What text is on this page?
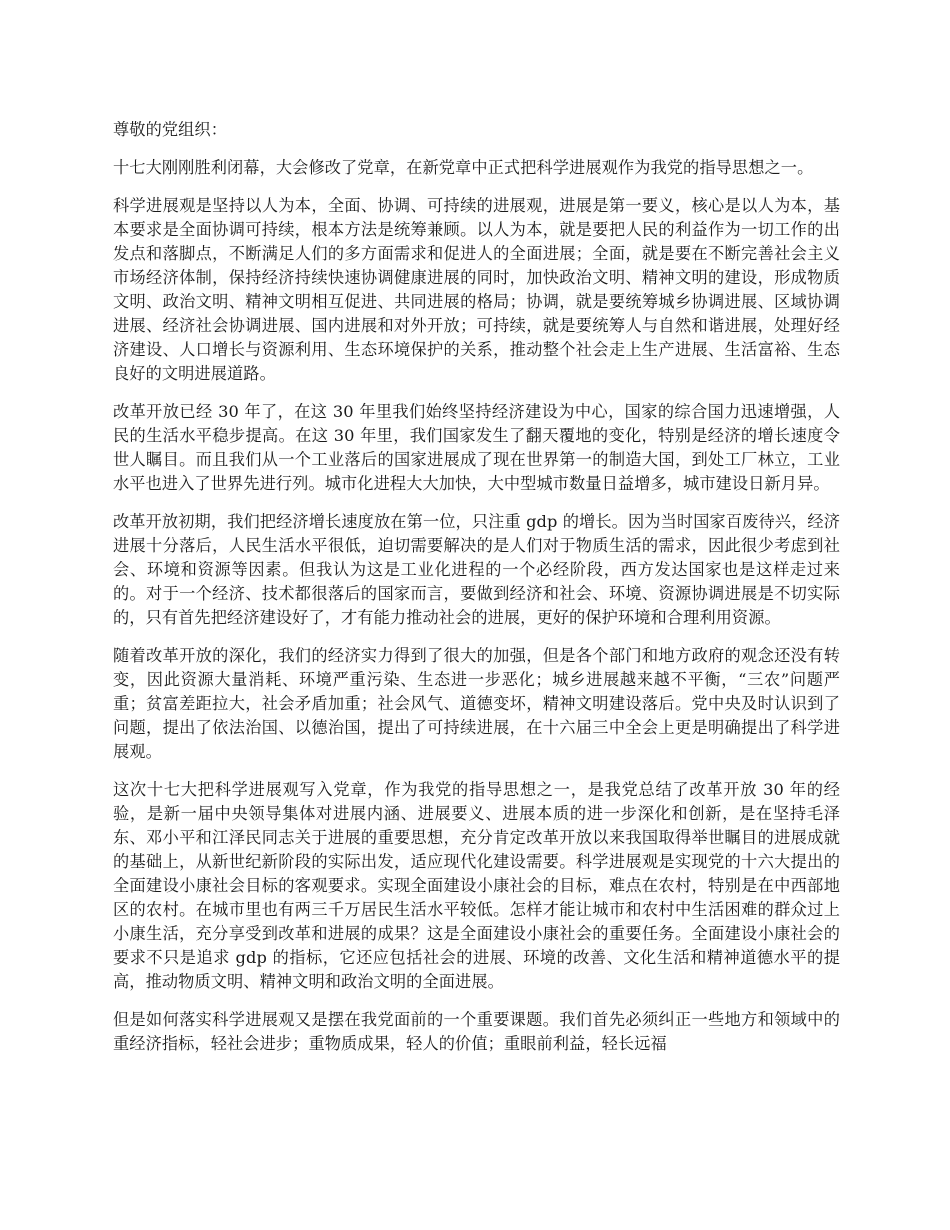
尊敬的党组织：

十七大刚刚胜利闭幕，大会修改了党章，在新党章中正式把科学进展观作为我党的指导思想之一。

科学进展观是坚持以人为本，全面、协调、可持续的进展观，进展是第一要义，核心是以人为本，基本要求是全面协调可持续，根本方法是统筹兼顾。以人为本，就是要把人民的利益作为一切工作的出发点和落脚点，不断满足人们的多方面需求和促进人的全面进展；全面，就是要在不断完善社会主义市场经济体制，保持经济持续快速协调健康进展的同时，加快政治文明、精神文明的建设，形成物质文明、政治文明、精神文明相互促进、共同进展的格局；协调，就是要统筹城乡协调进展、区域协调进展、经济社会协调进展、国内进展和对外开放；可持续，就是要统筹人与自然和谐进展，处理好经济建设、人口增长与资源利用、生态环境保护的关系，推动整个社会走上生产进展、生活富裕、生态良好的文明进展道路。

改革开放已经 30 年了，在这 30 年里我们始终坚持经济建设为中心，国家的综合国力迅速增强，人民的生活水平稳步提高。在这 30 年里，我们国家发生了翻天覆地的变化，特别是经济的增长速度令世人瞩目。而且我们从一个工业落后的国家进展成了现在世界第一的制造大国，到处工厂林立，工业水平也进入了世界先进行列。城市化进程大大加快，大中型城市数量日益增多，城市建设日新月异。

改革开放初期，我们把经济增长速度放在第一位，只注重 gdp 的增长。因为当时国家百废待兴，经济进展十分落后，人民生活水平很低，迫切需要解决的是人们对于物质生活的需求，因此很少考虑到社会、环境和资源等因素。但我认为这是工业化进程的一个必经阶段，西方发达国家也是这样走过来的。对于一个经济、技术都很落后的国家而言，要做到经济和社会、环境、资源协调进展是不切实际的，只有首先把经济建设好了，才有能力推动社会的进展，更好的保护环境和合理利用资源。

随着改革开放的深化，我们的经济实力得到了很大的加强，但是各个部门和地方政府的观念还没有转变，因此资源大量消耗、环境严重污染、生态进一步恶化；城乡进展越来越不平衡，“三农”问题严重；贫富差距拉大，社会矛盾加重；社会风气、道德变坏，精神文明建设落后。党中央及时认识到了问题，提出了依法治国、以德治国，提出了可持续进展，在十六届三中全会上更是明确提出了科学进展观。

这次十七大把科学进展观写入党章，作为我党的指导思想之一，是我党总结了改革开放 30 年的经验，是新一届中央领导集体对进展内涵、进展要义、进展本质的进一步深化和创新，是在坚持毛泽东、邓小平和江泽民同志关于进展的重要思想，充分肯定改革开放以来我国取得举世瞩目的进展成就的基础上，从新世纪新阶段的实际出发，适应现代化建设需要。科学进展观是实现党的十六大提出的全面建设小康社会目标的客观要求。实现全面建设小康社会的目标，难点在农村，特别是在中西部地区的农村。在城市里也有两三千万居民生活水平较低。怎样才能让城市和农村中生活困难的群众过上小康生活，充分享受到改革和进展的成果？这是全面建设小康社会的重要任务。全面建设小康社会的要求不只是追求 gdp 的指标，它还应包括社会的进展、环境的改善、文化生活和精神道德水平的提高，推动物质文明、精神文明和政治文明的全面进展。

但是如何落实科学进展观又是摆在我党面前的一个重要课题。我们首先必须纠正一些地方和领域中的重经济指标，轻社会进步；重物质成果，轻人的价值；重眼前利益，轻长远福
